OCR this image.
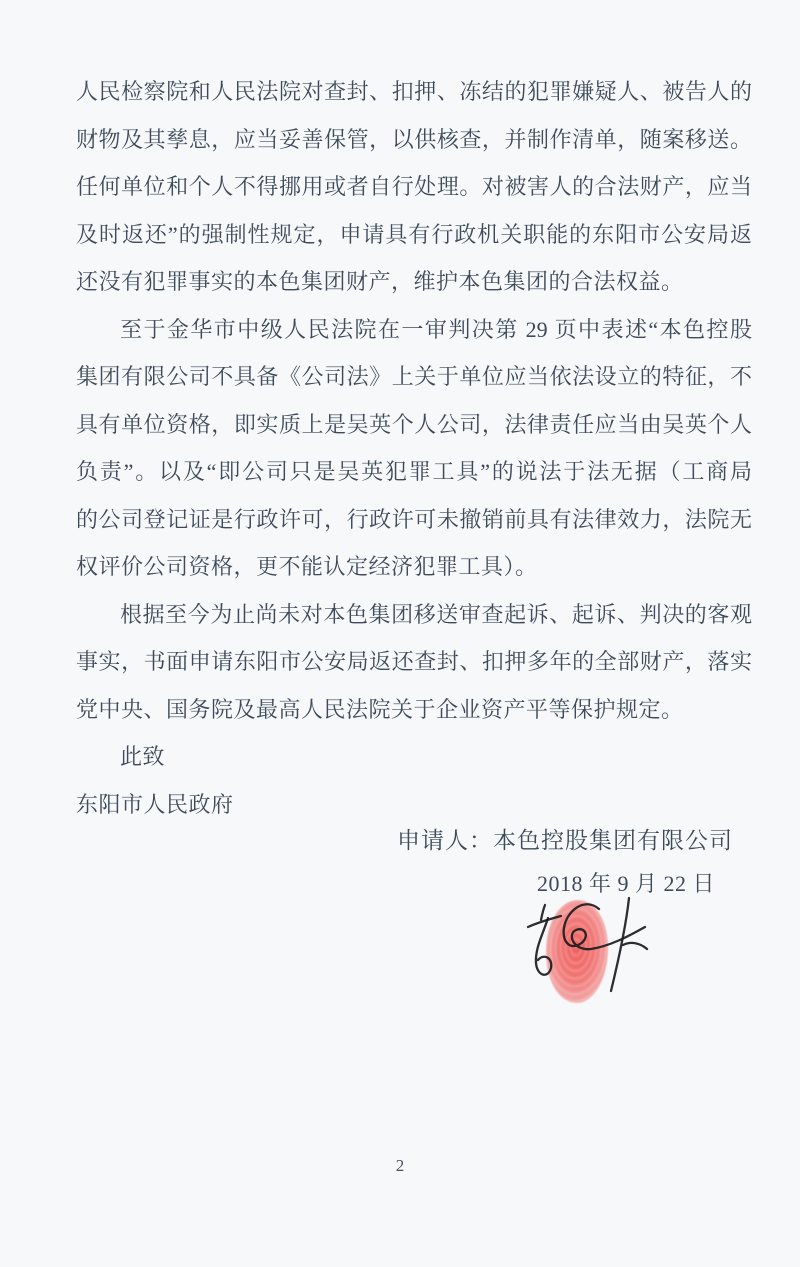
人民检察院和人民法院对查封、扣押、冻结的犯罪嫌疑人、被告人的
财物及其孳息，应当妥善保管，以供核查，并制作清单，随案移送。
任何单位和个人不得挪用或者自行处理。对被害人的合法财产，应当
及时返还”的强制性规定，申请具有行政机关职能的东阳市公安局返
还没有犯罪事实的本色集团财产，维护本色集团的合法权益。
至于金华市中级人民法院在一审判决第 29 页中表述“本色控股
集团有限公司不具备《公司法》上关于单位应当依法设立的特征，不
具有单位资格，即实质上是吴英个人公司，法律责任应当由吴英个人
负责”。以及“即公司只是吴英犯罪工具”的说法于法无据（工商局
的公司登记证是行政许可，行政许可未撤销前具有法律效力，法院无
权评价公司资格，更不能认定经济犯罪工具）。
根据至今为止尚未对本色集团移送审查起诉、起诉、判决的客观
事实，书面申请东阳市公安局返还查封、扣押多年的全部财产，落实
党中央、国务院及最高人民法院关于企业资产平等保护规定。
此致
东阳市人民政府
申请人：本色控股集团有限公司
2018 年 9 月 22 日
2
